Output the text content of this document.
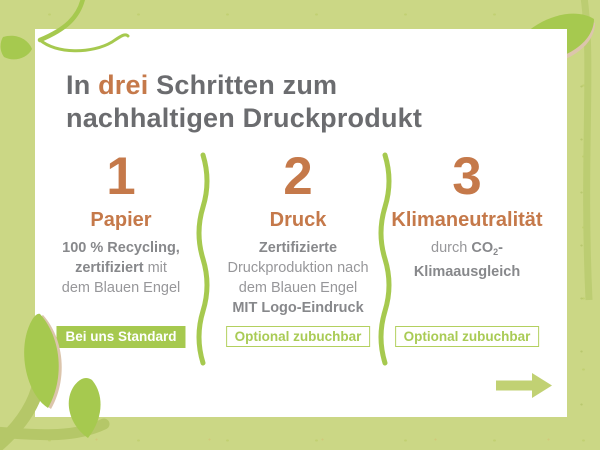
In drei Schritten zum
nachhaltigen Druckprodukt
1
Papier
100 % Recycling,
zertifiziert mit
dem Blauen Engel
Bei uns Standard
2
Druck
Zertifizierte
Druckproduktion nach
dem Blauen Engel
MIT Logo-Eindruck
Optional zubuchbar
3
Klimaneutralität
durch $CO_2-$
Klimaausgleich
Optional zubuchbar
